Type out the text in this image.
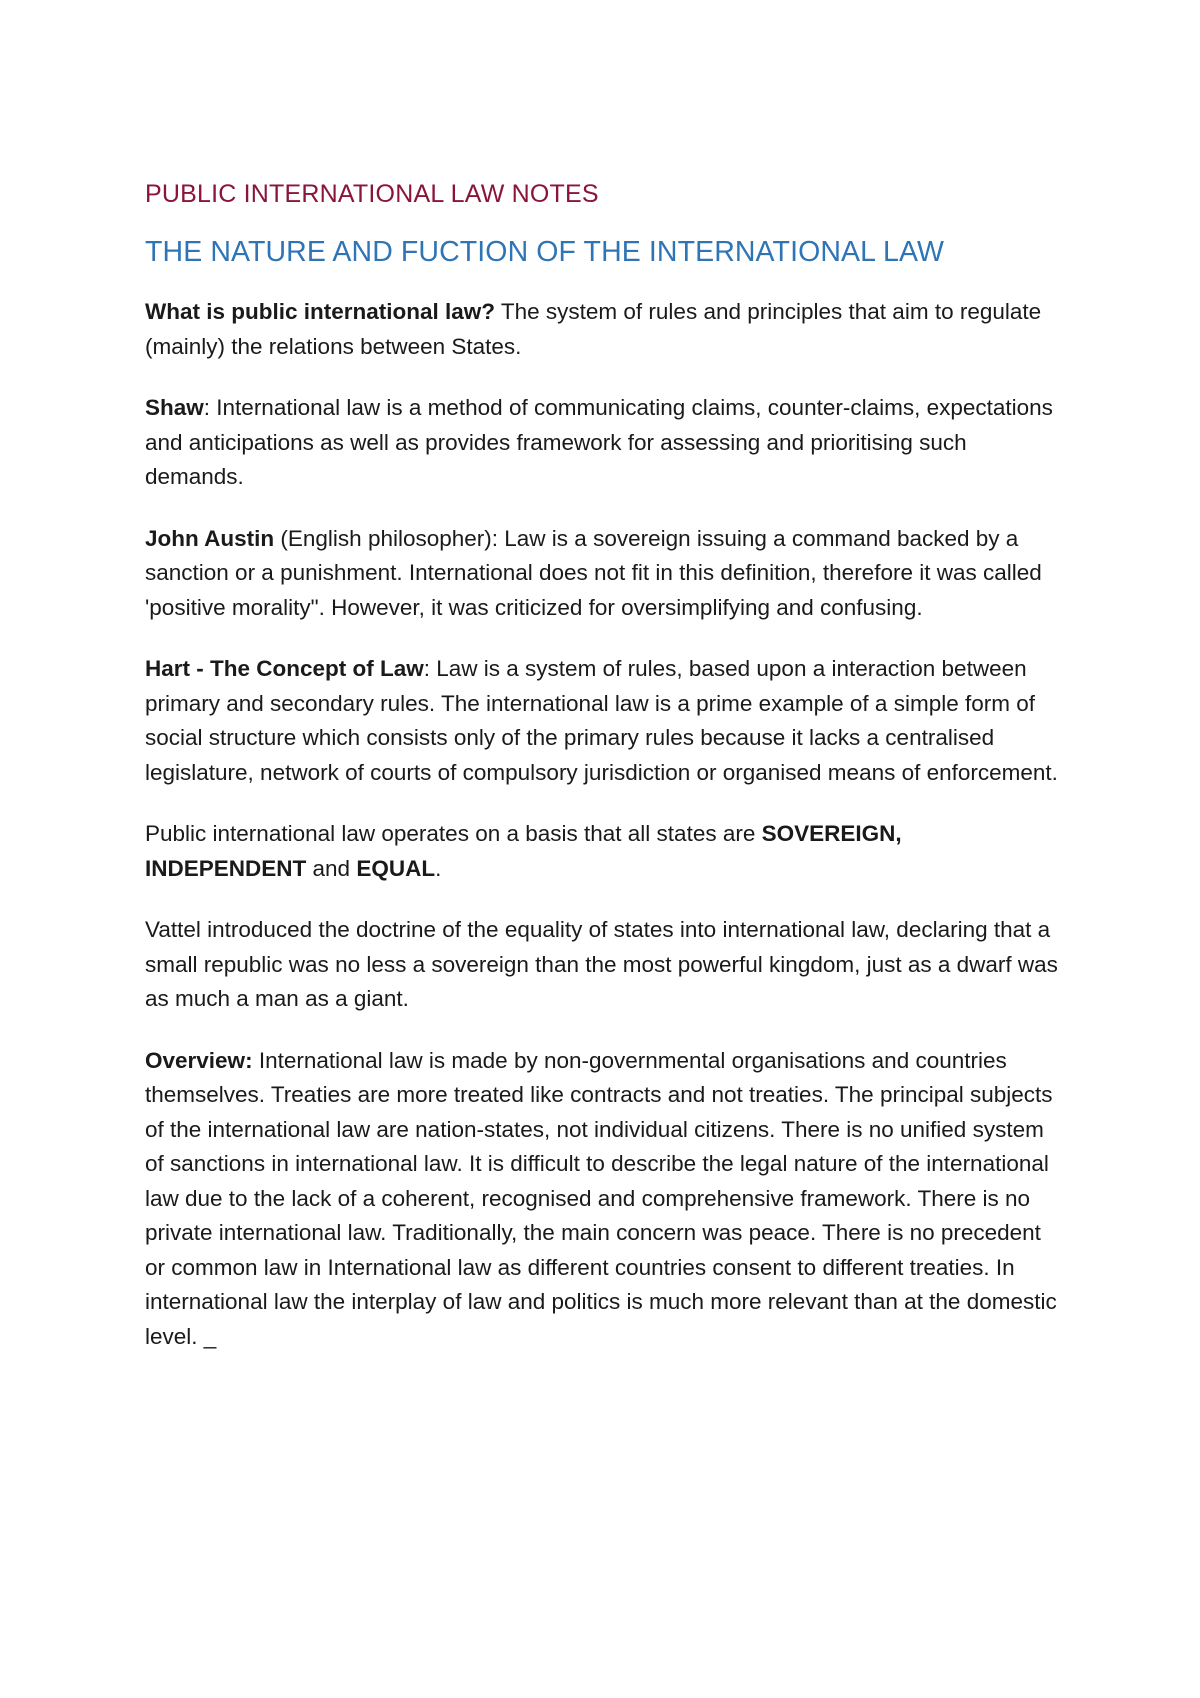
PUBLIC INTERNATIONAL LAW NOTES
THE NATURE AND FUCTION OF THE INTERNATIONAL LAW

What is public international law? The system of rules and principles that aim to regulate (mainly) the relations between States.

Shaw: International law is a method of communicating claims, counter-claims, expectations and anticipations as well as provides framework for assessing and prioritising such demands.

John Austin (English philosopher): Law is a sovereign issuing a command backed by a sanction or a punishment. International does not fit in this definition, therefore it was called 'positive morality". However, it was criticized for oversimplifying and confusing.

Hart - The Concept of Law: Law is a system of rules, based upon a interaction between primary and secondary rules. The international law is a prime example of a simple form of social structure which consists only of the primary rules because it lacks a centralised legislature, network of courts of compulsory jurisdiction or organised means of enforcement.

Public international law operates on a basis that all states are SOVEREIGN, INDEPENDENT and EQUAL.

Vattel introduced the doctrine of the equality of states into international law, declaring that a small republic was no less a sovereign than the most powerful kingdom, just as a dwarf was as much a man as a giant.

Overview: International law is made by non-governmental organisations and countries themselves. Treaties are more treated like contracts and not treaties. The principal subjects of the international law are nation-states, not individual citizens. There is no unified system of sanctions in international law. It is difficult to describe the legal nature of the international law due to the lack of a coherent, recognised and comprehensive framework. There is no private international law. Traditionally, the main concern was peace. There is no precedent or common law in International law as different countries consent to different treaties. In international law the interplay of law and politics is much more relevant than at the domestic level. _
